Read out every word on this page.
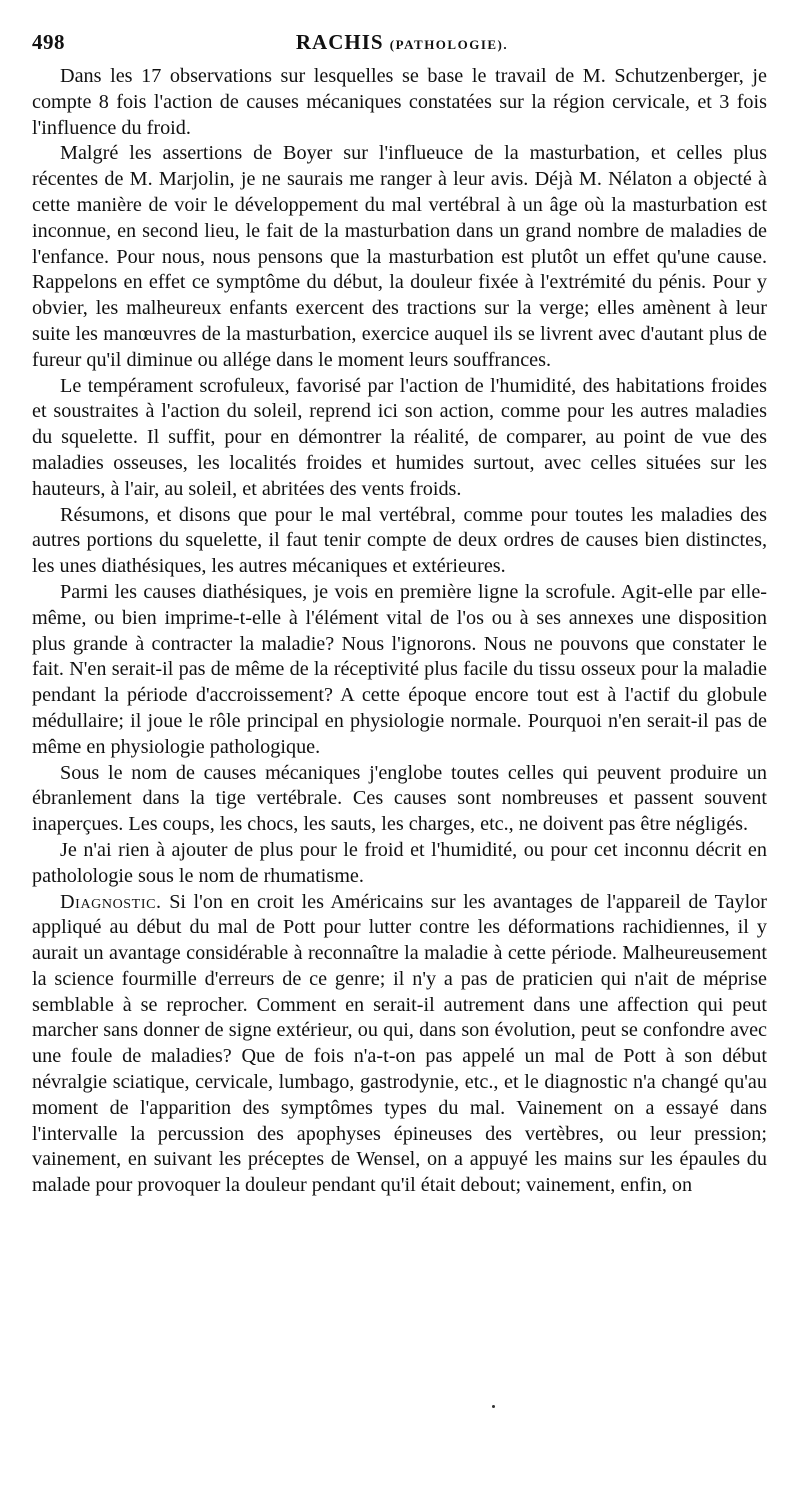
498	RACHIS (PATHOLOGIE).

Dans les 17 observations sur lesquelles se base le travail de M. Schutzenberger, je compte 8 fois l'action de causes mécaniques constatées sur la région cervicale, et 3 fois l'influence du froid.

Malgré les assertions de Boyer sur l'influeuce de la masturbation, et celles plus récentes de M. Marjolin, je ne saurais me ranger à leur avis. Déjà M. Nélaton a objecté à cette manière de voir le développement du mal vertébral à un âge où la masturbation est inconnue, en second lieu, le fait de la masturbation dans un grand nombre de maladies de l'enfance. Pour nous, nous pensons que la masturbation est plutôt un effet qu'une cause. Rappelons en effet ce symptôme du début, la douleur fixée à l'extrémité du pénis. Pour y obvier, les malheureux enfants exercent des tractions sur la verge; elles amènent à leur suite les manœuvres de la masturbation, exercice auquel ils se livrent avec d'autant plus de fureur qu'il diminue ou allége dans le moment leurs souffrances.

Le tempérament scrofuleux, favorisé par l'action de l'humidité, des habitations froides et soustraites à l'action du soleil, reprend ici son action, comme pour les autres maladies du squelette. Il suffit, pour en démontrer la réalité, de comparer, au point de vue des maladies osseuses, les localités froides et humides surtout, avec celles situées sur les hauteurs, à l'air, au soleil, et abritées des vents froids.

Résumons, et disons que pour le mal vertébral, comme pour toutes les maladies des autres portions du squelette, il faut tenir compte de deux ordres de causes bien distinctes, les unes diathésiques, les autres mécaniques et extérieures.

Parmi les causes diathésiques, je vois en première ligne la scrofule. Agit-elle par elle-même, ou bien imprime-t-elle à l'élément vital de l'os ou à ses annexes une disposition plus grande à contracter la maladie? Nous l'ignorons. Nous ne pouvons que constater le fait. N'en serait-il pas de même de la réceptivité plus facile du tissu osseux pour la maladie pendant la période d'accroissement? A cette époque encore tout est à l'actif du globule médullaire; il joue le rôle principal en physiologie normale. Pourquoi n'en serait-il pas de même en physiologie pathologique.

Sous le nom de causes mécaniques j'englobe toutes celles qui peuvent produire un ébranlement dans la tige vertébrale. Ces causes sont nombreuses et passent souvent inaperçues. Les coups, les chocs, les sauts, les charges, etc., ne doivent pas être négligés.

Je n'ai rien à ajouter de plus pour le froid et l'humidité, ou pour cet inconnu décrit en patholologie sous le nom de rhumatisme.

Diagnostic. Si l'on en croit les Américains sur les avantages de l'appareil de Taylor appliqué au début du mal de Pott pour lutter contre les déformations rachidiennes, il y aurait un avantage considérable à reconnaître la maladie à cette période. Malheureusement la science fourmille d'erreurs de ce genre; il n'y a pas de praticien qui n'ait de méprise semblable à se reprocher. Comment en serait-il autrement dans une affection qui peut marcher sans donner de signe extérieur, ou qui, dans son évolution, peut se confondre avec une foule de maladies? Que de fois n'a-t-on pas appelé un mal de Pott à son début névralgie sciatique, cervicale, lumbago, gastrodynie, etc., et le diagnostic n'a changé qu'au moment de l'apparition des symptômes types du mal. Vainement on a essayé dans l'intervalle la percussion des apophyses épineuses des vertèbres, ou leur pression; vainement, en suivant les préceptes de Wensel, on a appuyé les mains sur les épaules du malade pour provoquer la douleur pendant qu'il était debout; vainement, enfin, on
